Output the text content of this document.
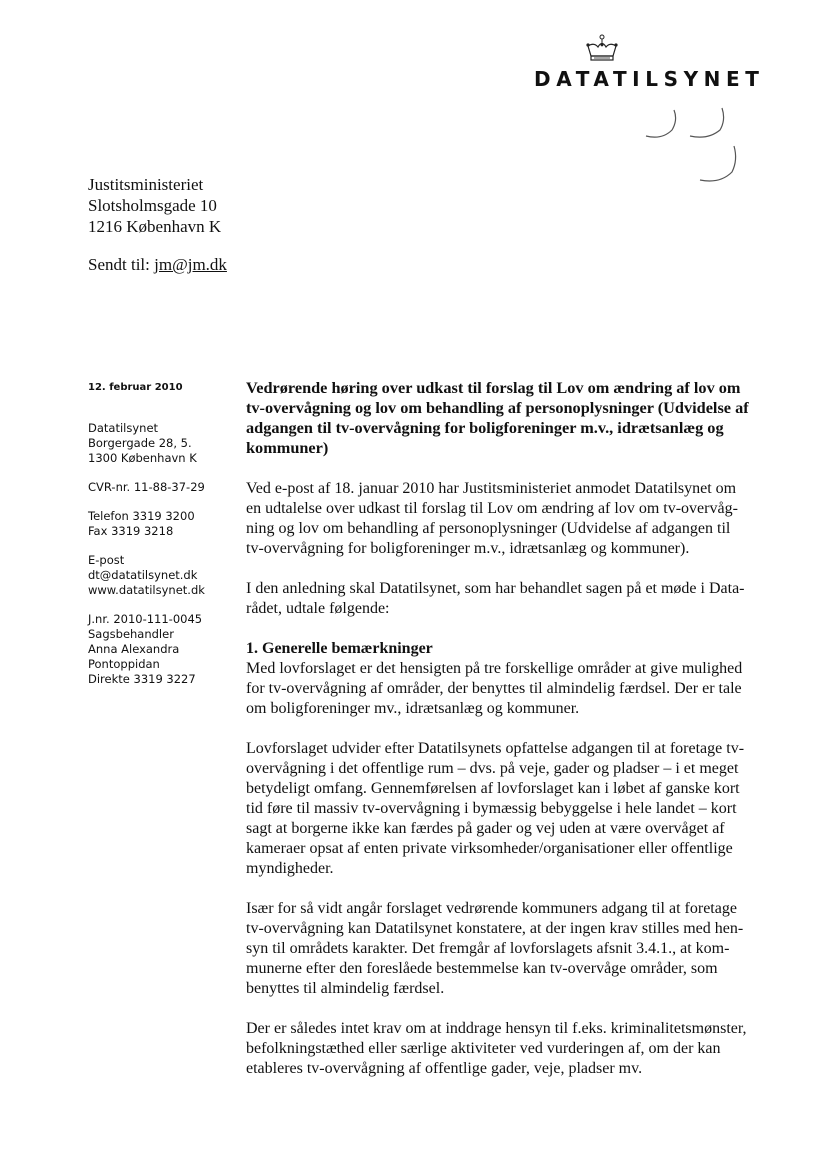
DATATILSYNET
Justitsministeriet
Slotsholmsgade 10
1216 København K
Sendt til: jm@jm.dk
12. februar 2010
Datatilsynet
Borgergade 28, 5.
1300 København K
CVR-nr. 11-88-37-29
Telefon 3319 3200
Fax 3319 3218
E-post
dt@datatilsynet.dk
www.datatilsynet.dk
J.nr. 2010-111-0045
Sagsbehandler
Anna Alexandra
Pontoppidan
Direkte 3319 3227
Vedrørende høring over udkast til forslag til Lov om ændring af lov om
tv-overvågning og lov om behandling af personoplysninger (Udvidelse af
adgangen til tv-overvågning for boligforeninger m.v., idrætsanlæg og
kommuner)
Ved e-post af 18. januar 2010 har Justitsministeriet anmodet Datatilsynet om
en udtalelse over udkast til forslag til Lov om ændring af lov om tv-overvåg-
ning og lov om behandling af personoplysninger (Udvidelse af adgangen til
tv-overvågning for boligforeninger m.v., idrætsanlæg og kommuner).
I den anledning skal Datatilsynet, som har behandlet sagen på et møde i Data-
rådet, udtale følgende:
1. Generelle bemærkninger
Med lovforslaget er det hensigten på tre forskellige områder at give mulighed
for tv-overvågning af områder, der benyttes til almindelig færdsel. Der er tale
om boligforeninger mv., idrætsanlæg og kommuner.
Lovforslaget udvider efter Datatilsynets opfattelse adgangen til at foretage tv-
overvågning i det offentlige rum – dvs. på veje, gader og pladser – i et meget
betydeligt omfang. Gennemførelsen af lovforslaget kan i løbet af ganske kort
tid føre til massiv tv-overvågning i bymæssig bebyggelse i hele landet – kort
sagt at borgerne ikke kan færdes på gader og vej uden at være overvåget af
kameraer opsat af enten private virksomheder/organisationer eller offentlige
myndigheder.
Især for så vidt angår forslaget vedrørende kommuners adgang til at foretage
tv-overvågning kan Datatilsynet konstatere, at der ingen krav stilles med hen-
syn til områdets karakter. Det fremgår af lovforslagets afsnit 3.4.1., at kom-
munerne efter den foreslåede bestemmelse kan tv-overvåge områder, som
benyttes til almindelig færdsel.
Der er således intet krav om at inddrage hensyn til f.eks. kriminalitetsmønster,
befolkningstæthed eller særlige aktiviteter ved vurderingen af, om der kan
etableres tv-overvågning af offentlige gader, veje, pladser mv.
